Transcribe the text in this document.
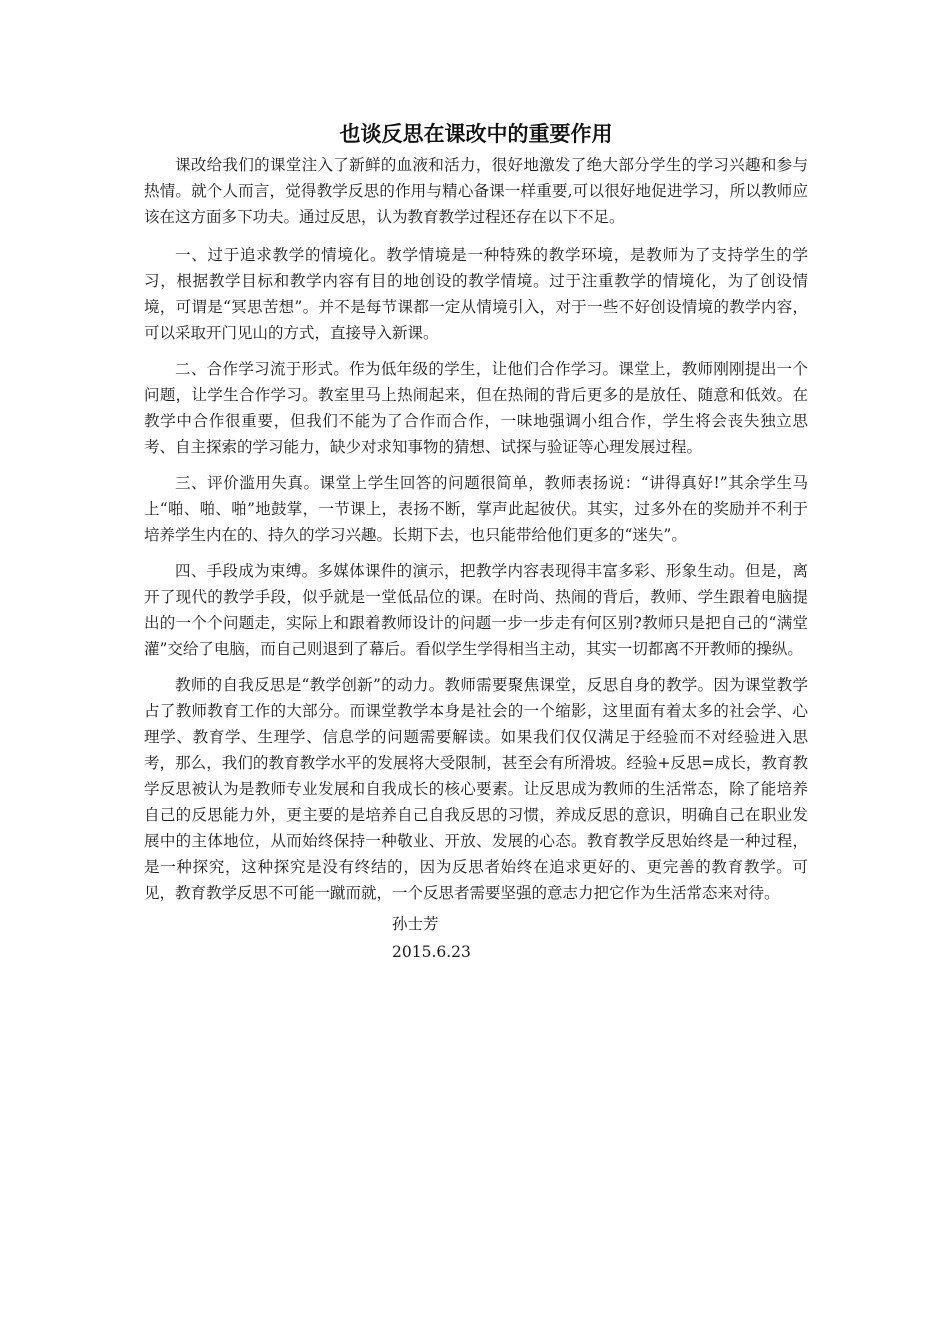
也谈反思在课改中的重要作用

课改给我们的课堂注入了新鲜的血液和活力，很好地激发了绝大部分学生的学习兴趣和参与热情。就个人而言，觉得教学反思的作用与精心备课一样重要,可以很好地促进学习，所以教师应该在这方面多下功夫。通过反思，认为教育教学过程还存在以下不足。

一、过于追求教学的情境化。教学情境是一种特殊的教学环境，是教师为了支持学生的学习，根据教学目标和教学内容有目的地创设的教学情境。过于注重教学的情境化，为了创设情境，可谓是“冥思苦想”。并不是每节课都一定从情境引入，对于一些不好创设情境的教学内容，可以采取开门见山的方式，直接导入新课。

二、合作学习流于形式。作为低年级的学生，让他们合作学习。课堂上，教师刚刚提出一个问题，让学生合作学习。教室里马上热闹起来，但在热闹的背后更多的是放任、随意和低效。在教学中合作很重要，但我们不能为了合作而合作，一味地强调小组合作，学生将会丧失独立思考、自主探索的学习能力，缺少对求知事物的猜想、试探与验证等心理发展过程。

三、评价滥用失真。课堂上学生回答的问题很简单，教师表扬说：“讲得真好!”其余学生马上“啪、啪、啪”地鼓掌，一节课上，表扬不断，掌声此起彼伏。其实，过多外在的奖励并不利于培养学生内在的、持久的学习兴趣。长期下去，也只能带给他们更多的“迷失”。

四、手段成为束缚。多媒体课件的演示，把教学内容表现得丰富多彩、形象生动。但是，离开了现代的教学手段，似乎就是一堂低品位的课。在时尚、热闹的背后，教师、学生跟着电脑提出的一个个问题走，实际上和跟着教师设计的问题一步一步走有何区别?教师只是把自己的“满堂灌”交给了电脑，而自己则退到了幕后。看似学生学得相当主动，其实一切都离不开教师的操纵。

教师的自我反思是“教学创新”的动力。教师需要聚焦课堂，反思自身的教学。因为课堂教学占了教师教育工作的大部分。而课堂教学本身是社会的一个缩影，这里面有着太多的社会学、心理学、教育学、生理学、信息学的问题需要解读。如果我们仅仅满足于经验而不对经验进入思考，那么，我们的教育教学水平的发展将大受限制，甚至会有所滑坡。经验+反思=成长，教育教学反思被认为是教师专业发展和自我成长的核心要素。让反思成为教师的生活常态，除了能培养自己的反思能力外，更主要的是培养自己自我反思的习惯，养成反思的意识，明确自己在职业发展中的主体地位，从而始终保持一种敬业、开放、发展的心态。教育教学反思始终是一种过程，是一种探究，这种探究是没有终结的，因为反思者始终在追求更好的、更完善的教育教学。可见，教育教学反思不可能一蹴而就，一个反思者需要坚强的意志力把它作为生活常态来对待。

孙士芳
2015.6.23
